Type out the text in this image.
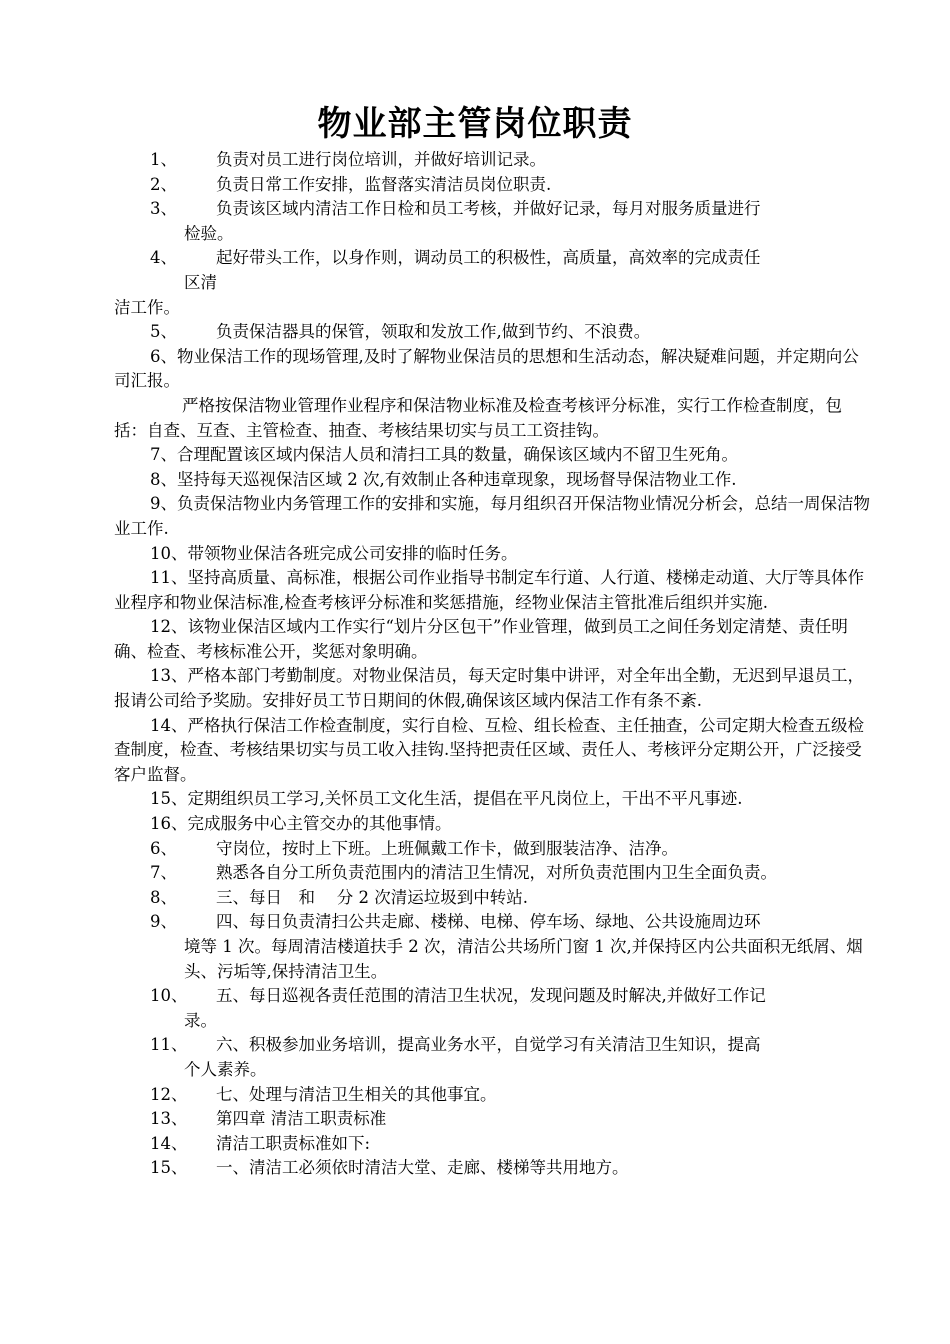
物业部主管岗位职责
1、	负责对员工进行岗位培训，并做好培训记录。
2、	负责日常工作安排，监督落实清洁员岗位职责.
3、	负责该区域内清洁工作日检和员工考核，并做好记录，每月对服务质量进行
检验。
4、	起好带头工作，以身作则，调动员工的积极性，高质量，高效率的完成责任
区清
洁工作。
5、	负责保洁器具的保管，领取和发放工作,做到节约、不浪费。
6、物业保洁工作的现场管理,及时了解物业保洁员的思想和生活动态，解决疑难问题，并定期向公司汇报。
严格按保洁物业管理作业程序和保洁物业标准及检查考核评分标准，实行工作检查制度，包括：自查、互查、主管检查、抽查、考核结果切实与员工工资挂钩。
7、合理配置该区域内保洁人员和清扫工具的数量，确保该区域内不留卫生死角。
8、坚持每天巡视保洁区域 2 次,有效制止各种违章现象，现场督导保洁物业工作.
9、负责保洁物业内务管理工作的安排和实施，每月组织召开保洁物业情况分析会，总结一周保洁物业工作.
10、带领物业保洁各班完成公司安排的临时任务。
11、坚持高质量、高标准，根据公司作业指导书制定车行道、人行道、楼梯走动道、大厅等具体作业程序和物业保洁标准,检查考核评分标准和奖惩措施，经物业保洁主管批准后组织并实施.
12、该物业保洁区域内工作实行“划片分区包干”作业管理，做到员工之间任务划定清楚、责任明确、检查、考核标准公开，奖惩对象明确。
13、严格本部门考勤制度。对物业保洁员，每天定时集中讲评，对全年出全勤，无迟到早退员工，报请公司给予奖励。安排好员工节日期间的休假,确保该区域内保洁工作有条不紊.
14、严格执行保洁工作检查制度，实行自检、互检、组长检查、主任抽查，公司定期大检查五级检查制度，检查、考核结果切实与员工收入挂钩.坚持把责任区域、责任人、考核评分定期公开，广泛接受客户监督。
15、定期组织员工学习,关怀员工文化生活，提倡在平凡岗位上，干出不平凡事迹.
16、完成服务中心主管交办的其他事情。
6、	守岗位，按时上下班。上班佩戴工作卡，做到服装洁净、洁净。
7、	熟悉各自分工所负责范围内的清洁卫生情况，对所负责范围内卫生全面负责。
8、	三、每日　和　 分 2 次清运垃圾到中转站.
9、	四、每日负责清扫公共走廊、楼梯、电梯、停车场、绿地、公共设施周边环
境等 1 次。每周清洁楼道扶手 2 次，清洁公共场所门窗 1 次,并保持区内公共面积无纸屑、烟头、污垢等,保持清洁卫生。
10、 五、每日巡视各责任范围的清洁卫生状况，发现问题及时解决,并做好工作记
录。
11、 六、积极参加业务培训，提高业务水平，自觉学习有关清洁卫生知识，提高
个人素养。
12、 七、处理与清洁卫生相关的其他事宜。
13、 第四章 清洁工职责标准
14、 清洁工职责标准如下:
15、 一、清洁工必须依时清洁大堂、走廊、楼梯等共用地方。
